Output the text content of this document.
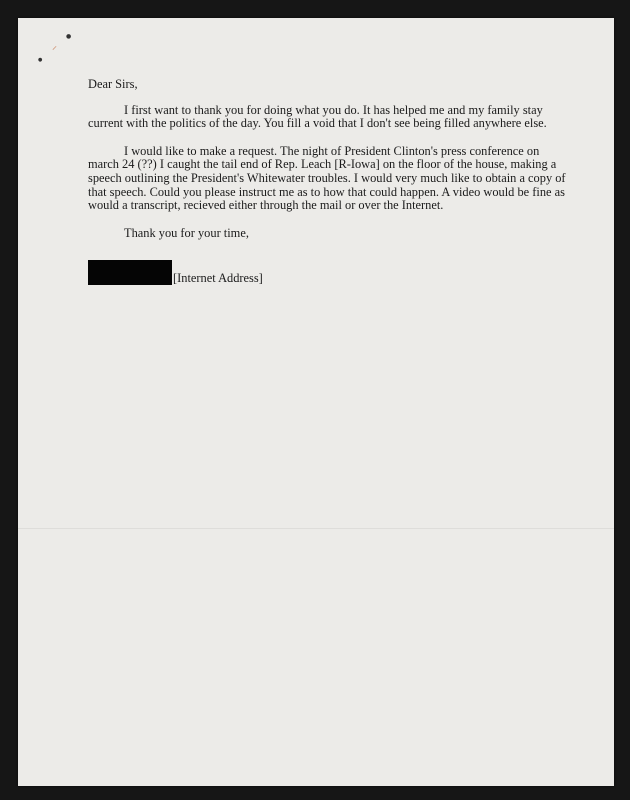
⸝
●
●

Dear Sirs,

I first want to thank you for doing what you do. It has helped me and my family stay current with the politics of the day. You fill a void that I don't see being filled anywhere else.

I would like to make a request. The night of President Clinton's press conference on march 24 (??) I caught the tail end of Rep. Leach [R-Iowa] on the floor of the house, making a speech outlining the President's Whitewater troubles. I would very much like to obtain a copy of that speech. Could you please instruct me as to how that could happen. A video would be fine as would a transcript, recieved either through the mail or over the Internet.

Thank you for your time,

[Internet Address]
